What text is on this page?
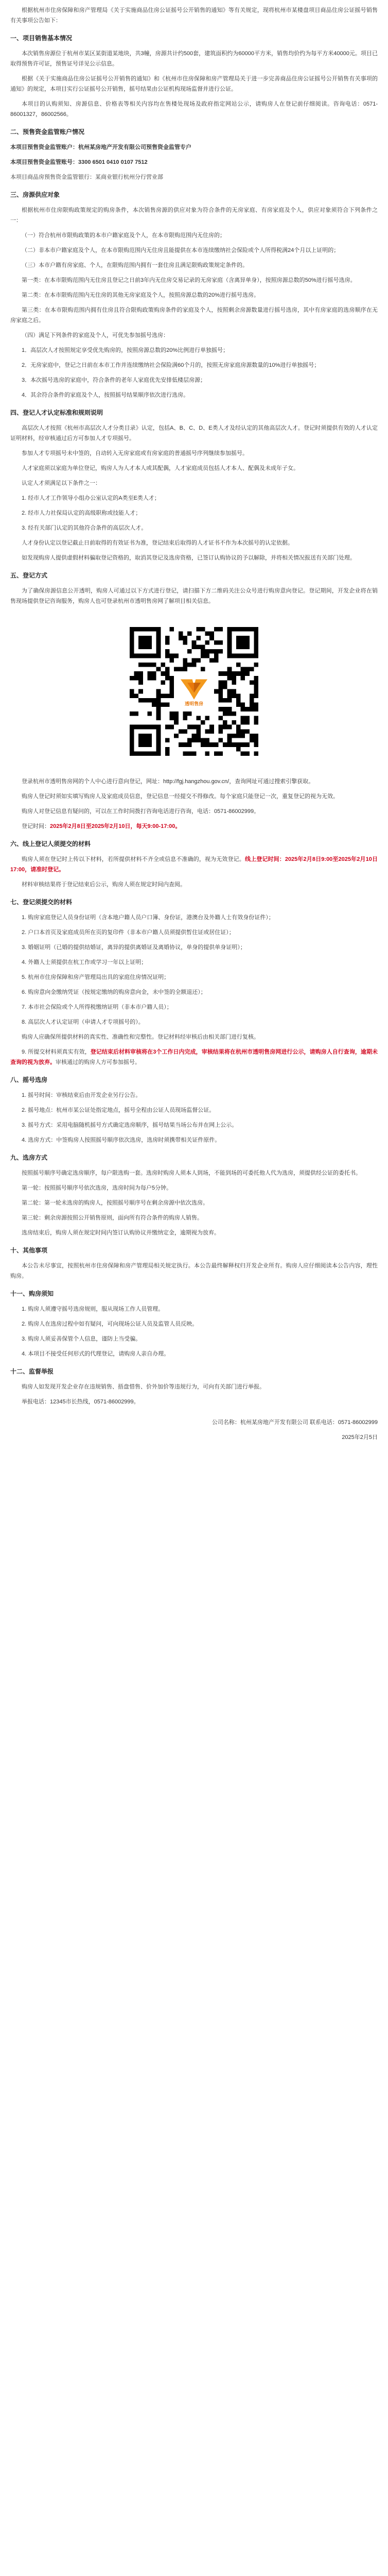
根据杭州市住房保障和房产管理局《关于实施商品住房公证摇号公开销售的通知》等有关规定，现将杭州市某楼盘项目商品住房公证摇号销售有关事项公告如下：

一、项目销售基本情况

本次销售房源位于杭州市某区某街道某地块，共3幢，房源共计约500套，建筑面积约为60000平方米，销售均价约为每平方米40000元。项目已取得预售许可证，预售证号详见公示信息。

根据《关于实施商品住房公证摇号公开销售的通知》和《杭州市住房保障和房产管理局关于进一步完善商品住房公证摇号公开销售有关事项的通知》的规定，本项目实行公证摇号公开销售，摇号结果由公证机构现场监督并进行公证。

本项目的认购须知、房源信息、价格表等相关内容均在售楼处现场及政府指定网站公示，请购房人在登记前仔细阅读。咨询电话：0571-86001327，86002566。

二、预售资金监管账户情况

本项目预售资金监管账户：杭州某房地产开发有限公司预售资金监管专户

本项目预售资金监管账号：3300 6501 0410 0107 7512

本项目商品房预售资金监管银行：某商业银行杭州分行营业部

三、房源供应对象

根据杭州市住房限购政策规定的购房条件，本次销售房源的供应对象为符合条件的无房家庭、有房家庭及个人，供应对象须符合下列条件之一：

（一）符合杭州市限购政策的本市户籍家庭及个人，在本市限购范围内无住房的；

（二）非本市户籍家庭及个人，在本市限购范围内无住房且能提供在本市连续缴纳社会保险或个人所得税满24个月以上证明的；

（三）本市户籍有房家庭、个人，在限购范围内拥有一套住房且满足限购政策规定条件的。

第一类：在本市限购范围内无住房且登记之日前3年内无住房交易记录的无房家庭（含离异单身），按照房源总数的50%进行摇号选房。

第二类：在本市限购范围内无住房的其他无房家庭及个人，按照房源总数的20%进行摇号选房。

第三类：在本市限购范围内拥有住房且符合限购政策购房条件的家庭及个人，按照剩余房源数量进行摇号选房，其中有房家庭的选房顺序在无房家庭之后。

（四）满足下列条件的家庭及个人，可优先参加摇号选房：

1．高层次人才按照规定享受优先购房的，按照房源总数的20%比例进行单独摇号；

2．无房家庭中，登记之日前在本市工作并连续缴纳社会保险满60个月的，按照无房家庭房源数量的10%进行单独摇号；

3．本次摇号选房的家庭中，符合条件的老年人家庭优先安排低楼层房源；

4．其余符合条件的家庭及个人，按照摇号结果顺序依次进行选房。

四、登记人才认定标准和规则说明

高层次人才按照《杭州市高层次人才分类目录》认定，包括A、B、C、D、E类人才及经认定的其他高层次人才。登记时须提供有效的人才认定证明材料，经审核通过后方可参加人才专项摇号。

参加人才专项摇号未中签的，自动转入无房家庭或有房家庭的普通摇号序列继续参加摇号。

人才家庭须以家庭为单位登记，购房人为人才本人或其配偶，人才家庭成员包括人才本人、配偶及未成年子女。

认定人才须满足以下条件之一：

1. 经市人才工作领导小组办公室认定的A类至E类人才；

2. 经市人力社保局认定的高级职称或技能人才；

3. 经有关部门认定的其他符合条件的高层次人才。

人才身份认定以登记截止日前取得的有效证书为准，登记结束后取得的人才证书不作为本次摇号的认定依据。

如发现购房人提供虚假材料骗取登记资格的，取消其登记及选房资格，已签订认购协议的予以解除，并将相关情况报送有关部门处理。

五、登记方式

为了确保房源信息公开透明，购房人可通过以下方式进行登记，请扫描下方二维码关注公众号进行购房意向登记。登记期间，开发企业将在销售现场提供登记咨询服务，购房人也可登录杭州市透明售房网了解项目相关信息。

透明售房

登录杭州市透明售房网的个人中心进行意向登记，网址：http://fgj.hangzhou.gov.cn/，查询网址可通过搜索引擎获取。

购房人登记时须如实填写购房人及家庭成员信息，登记信息一经提交不得修改。每个家庭只能登记一次，重复登记的视为无效。

购房人对登记信息有疑问的，可以在工作时间拨打咨询电话进行咨询，电话：0571-86002999。

登记时间：2025年2月8日至2025年2月10日，每天9:00-17:00。

六、线上登记人须提交的材料

购房人须在登记时上传以下材料，若所提供材料不齐全或信息不准确的，视为无效登记。线上登记时间：2025年2月8日9:00至2025年2月10日17:00，请准时登记。

材料审核结果将于登记结束后公示，购房人须在规定时间内查阅。

七、登记须提交的材料

1. 购房家庭登记人员身份证明（含本地户籍人员户口簿、身份证，港澳台及外籍人士有效身份证件）；

2. 户口本首页及家庭成员所在页的复印件（非本市户籍人员须提供暂住证或居住证）；

3. 婚姻证明（已婚的提供结婚证，离异的提供离婚证及离婚协议，单身的提供单身证明）；

4. 外籍人士须提供在杭工作或学习一年以上证明；

5. 杭州市住房保障和房产管理局出具的家庭住房情况证明；

6. 购房意向金缴纳凭证（按规定缴纳的购房意向金，未中签的全额退还）；

7. 本市社会保险或个人所得税缴纳证明（非本市户籍人员）；

8. 高层次人才认定证明（申请人才专项摇号的）。

购房人应确保所提供材料的真实性、准确性和完整性。登记材料经审核后由相关部门进行复核。

9. 所提交材料须真实有效，登记结束后材料审核将在3个工作日内完成，审核结果将在杭州市透明售房网进行公示，请购房人自行查询，逾期未查询的视为放弃。审核通过的购房人方可参加摇号。

八、摇号选房

1. 摇号时间：审核结束后由开发企业另行公告。

2. 摇号地点：杭州市某公证处指定地点，摇号全程由公证人员现场监督公证。

3. 摇号方式：采用电脑随机摇号方式确定选房顺序，摇号结果当场公布并在网上公示。

4. 选房方式：中签购房人按照摇号顺序依次选房，选房时须携带相关证件原件。

九、选房方式

按照摇号顺序号确定选房顺序，每户限选购一套。选房时购房人须本人到场，不能到场的可委托他人代为选房，须提供经公证的委托书。

第一轮：按照摇号顺序号依次选房，选房时间为每户5分钟。

第二轮：第一轮未选房的购房人，按照摇号顺序号在剩余房源中依次选房。

第三轮：剩余房源按照公开销售原则，面向所有符合条件的购房人销售。

选房结束后，购房人须在规定时间内签订认购协议并缴纳定金，逾期视为放弃。

十、其他事项

本公告未尽事宜，按照杭州市住房保障和房产管理局相关规定执行。本公告最终解释权归开发企业所有。购房人应仔细阅读本公告内容，理性购房。

十一、购房须知

1. 购房人须遵守摇号选房规则，服从现场工作人员管理。

2. 购房人在选房过程中如有疑问，可向现场公证人员及监管人员反映。

3. 购房人须妥善保管个人信息，谨防上当受骗。

4. 本项目不接受任何形式的代理登记，请购房人亲自办理。

十二、监督举报

购房人如发现开发企业存在违规销售、捂盘惜售、价外加价等违规行为，可向有关部门进行举报。

举报电话：12345市长热线，0571-86002999。

公司名称：杭州某房地产开发有限公司 联系电话：0571-86002999

2025年2月5日
